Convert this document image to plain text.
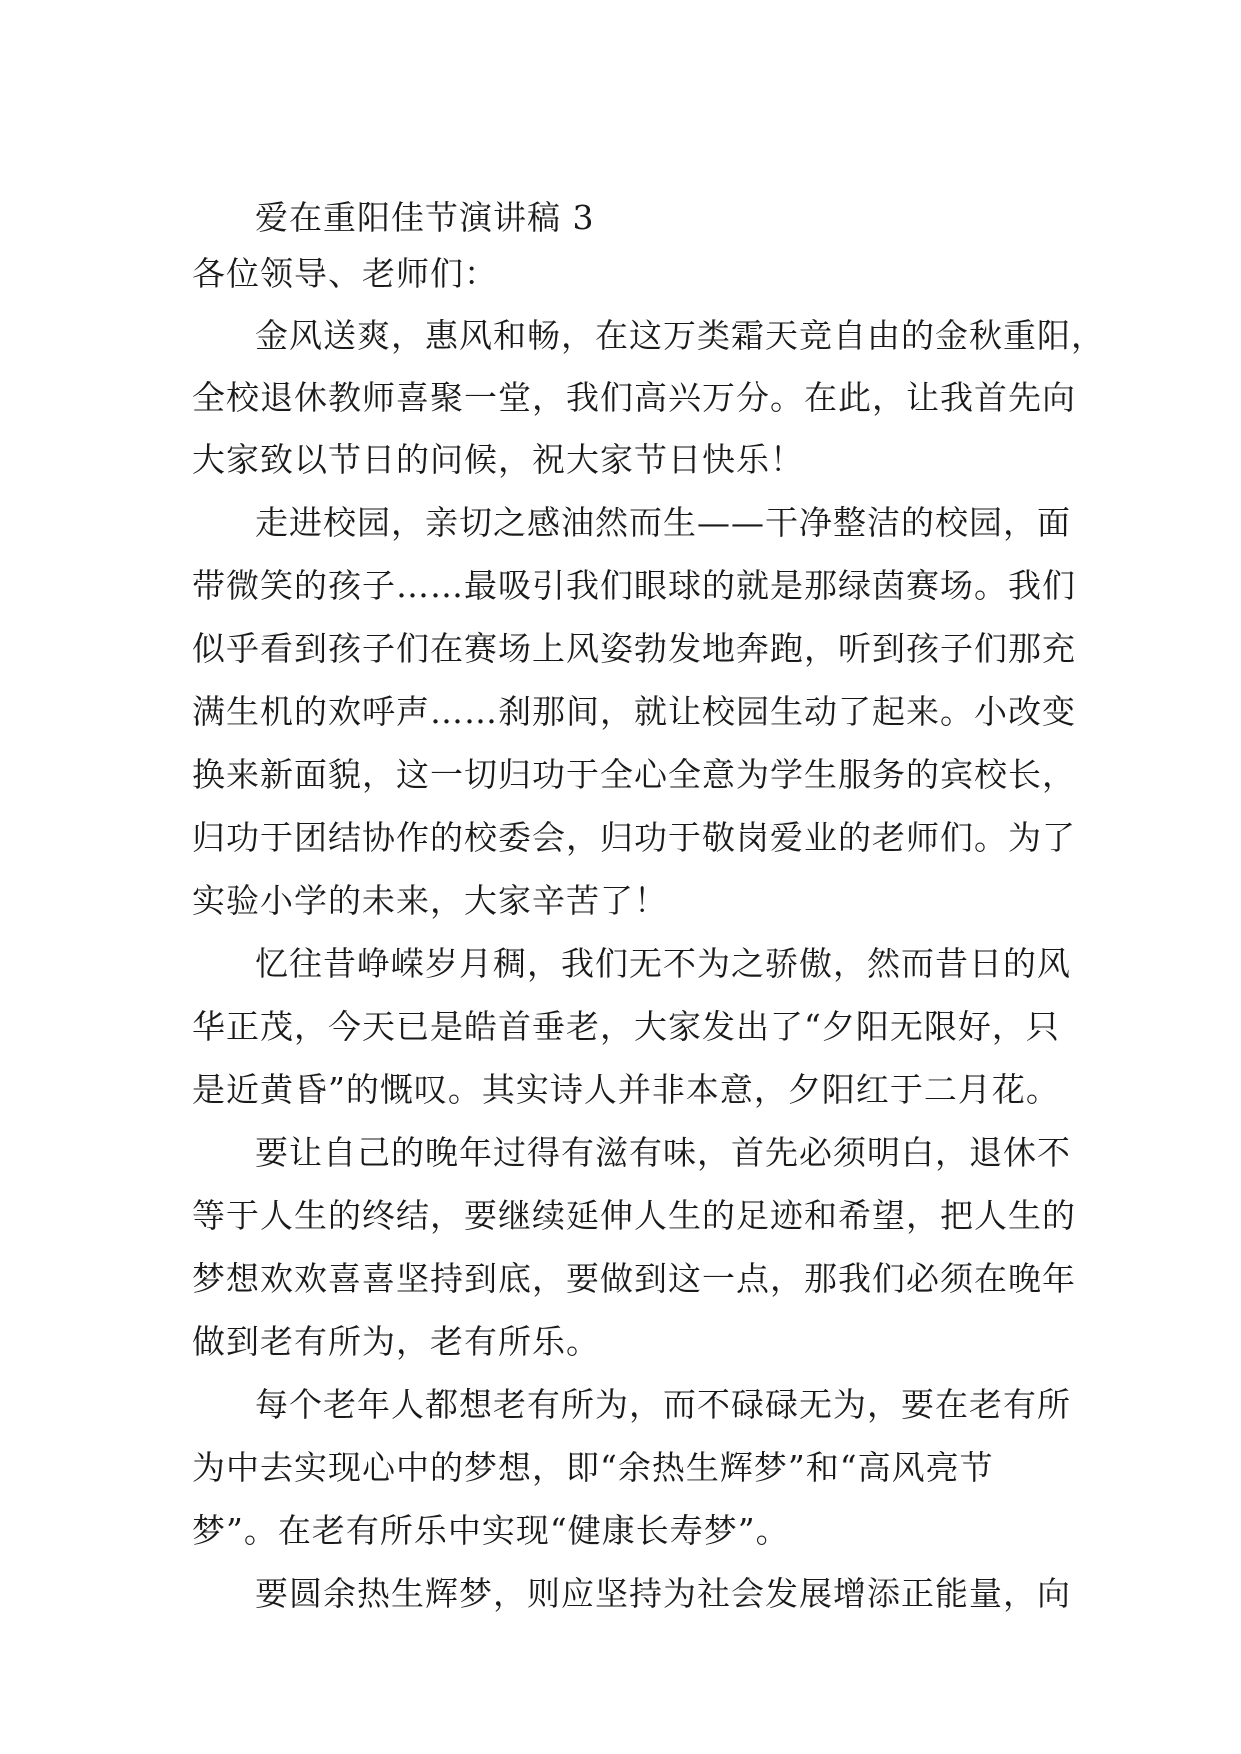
爱在重阳佳节演讲稿 3
各位领导、老师们：
金风送爽，惠风和畅，在这万类霜天竞自由的金秋重阳，
全校退休教师喜聚一堂，我们高兴万分。在此，让我首先向
大家致以节日的问候，祝大家节日快乐！
走进校园，亲切之感油然而生——干净整洁的校园，面
带微笑的孩子……最吸引我们眼球的就是那绿茵赛场。我们
似乎看到孩子们在赛场上风姿勃发地奔跑，听到孩子们那充
满生机的欢呼声……刹那间，就让校园生动了起来。小改变
换来新面貌，这一切归功于全心全意为学生服务的宾校长，
归功于团结协作的校委会，归功于敬岗爱业的老师们。为了
实验小学的未来，大家辛苦了！
忆往昔峥嵘岁月稠，我们无不为之骄傲，然而昔日的风
华正茂，今天已是皓首垂老，大家发出了“夕阳无限好，只
是近黄昏”的慨叹。其实诗人并非本意，夕阳红于二月花。
要让自己的晚年过得有滋有味，首先必须明白，退休不
等于人生的终结，要继续延伸人生的足迹和希望，把人生的
梦想欢欢喜喜坚持到底，要做到这一点，那我们必须在晚年
做到老有所为，老有所乐。
每个老年人都想老有所为，而不碌碌无为，要在老有所
为中去实现心中的梦想，即“余热生辉梦”和“高风亮节
梦”。在老有所乐中实现“健康长寿梦”。
要圆余热生辉梦，则应坚持为社会发展增添正能量，向
